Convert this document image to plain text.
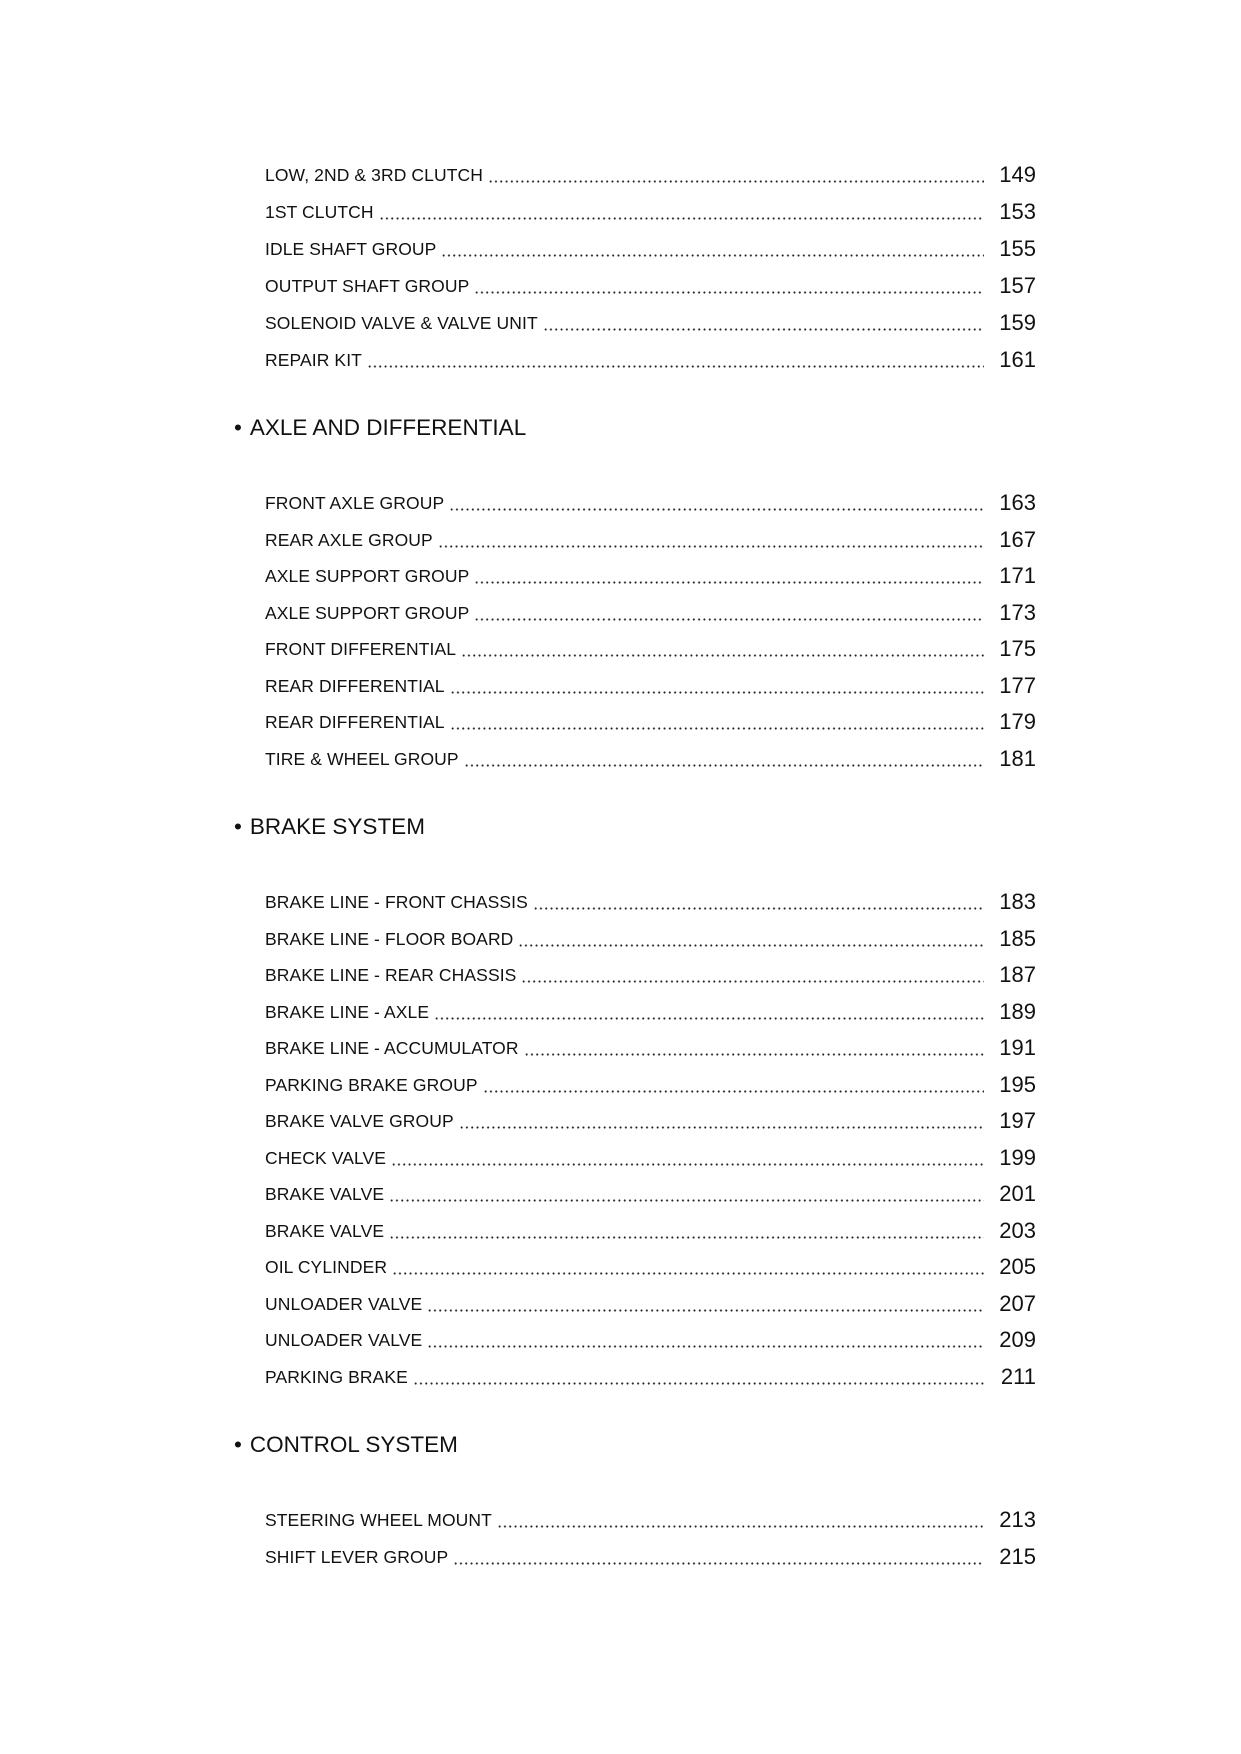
LOW, 2ND & 3RD CLUTCH	149
1ST CLUTCH	153
IDLE SHAFT GROUP	155
OUTPUT SHAFT GROUP	157
SOLENOID VALVE & VALVE UNIT	159
REPAIR KIT	161
• AXLE AND DIFFERENTIAL
FRONT AXLE GROUP	163
REAR AXLE GROUP	167
AXLE SUPPORT GROUP	171
AXLE SUPPORT GROUP	173
FRONT DIFFERENTIAL	175
REAR DIFFERENTIAL	177
REAR DIFFERENTIAL	179
TIRE & WHEEL GROUP	181
• BRAKE SYSTEM
BRAKE LINE - FRONT CHASSIS	183
BRAKE LINE - FLOOR BOARD	185
BRAKE LINE - REAR CHASSIS	187
BRAKE LINE - AXLE	189
BRAKE LINE - ACCUMULATOR	191
PARKING BRAKE GROUP	195
BRAKE VALVE GROUP	197
CHECK VALVE	199
BRAKE VALVE	201
BRAKE VALVE	203
OIL CYLINDER	205
UNLOADER VALVE	207
UNLOADER VALVE	209
PARKING BRAKE	211
• CONTROL SYSTEM
STEERING WHEEL MOUNT	213
SHIFT LEVER GROUP	215
